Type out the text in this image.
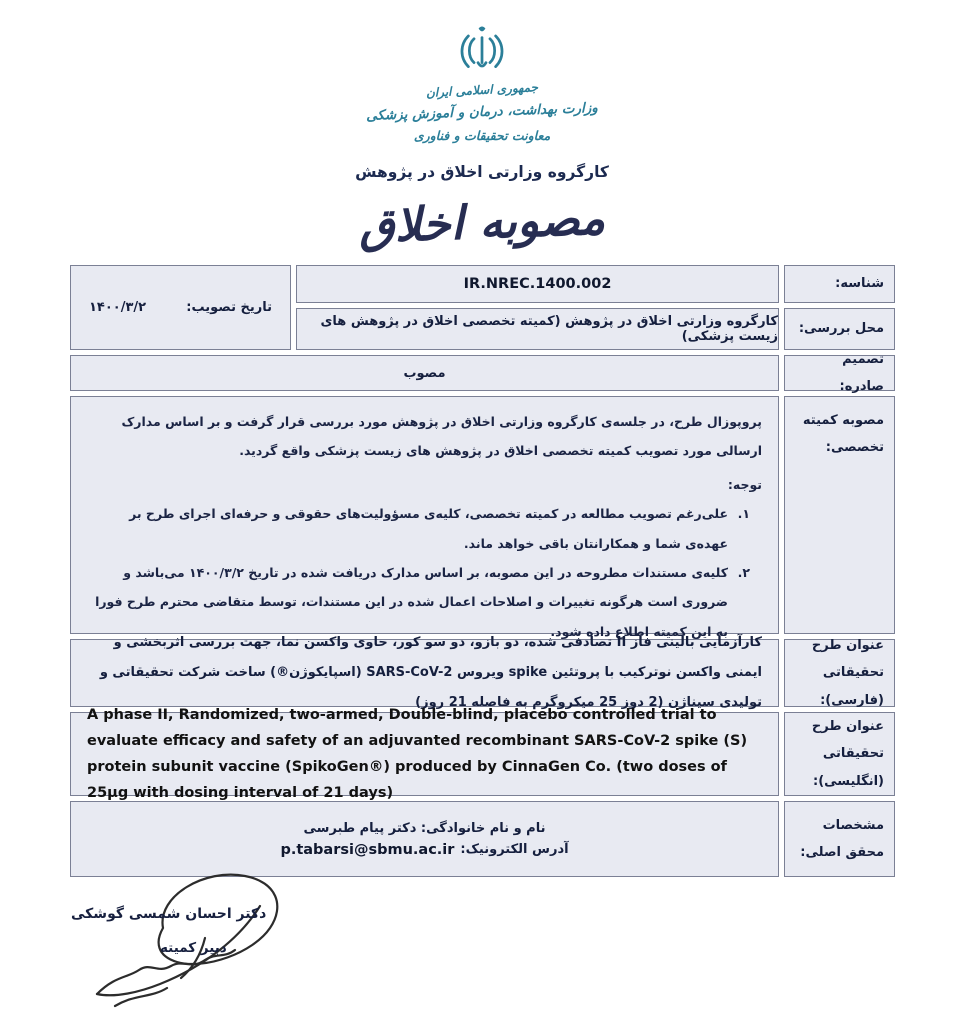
جمهوری اسلامی ایران
وزارت بهداشت، درمان و آموزش پزشکی
معاونت تحقیقات و فناوری
کارگروه وزارتی اخلاق در پژوهش
مصوبه اخلاق
شناسه:
IR.NREC.1400.002
تاریخ تصویب:
۱۴۰۰/۳/۲
محل بررسی:
کارگروه وزارتی اخلاق در پژوهش (کمیته تخصصی اخلاق در پژوهش های زیست پزشکی)
تصمیم صادره:
مصوب
مصوبه کمیته تخصصی:
پروپوزال طرح، در جلسه‌ی کارگروه وزارتی اخلاق در پژوهش مورد بررسی قرار گرفت و بر اساس مدارک ارسالی مورد تصویب کمیته تخصصی اخلاق در پژوهش های زیست پزشکی واقع گردید.
توجه:
۱.
علی‌رغم تصویب مطالعه در کمیته تخصصی، کلیه‌ی مسؤولیت‌های حقوقی و حرفه‌ای اجرای طرح بر عهده‌ی شما و همکارانتان باقی خواهد ماند.
۲.
کلیه‌ی مستندات مطروحه در این مصوبه، بر اساس مدارک دریافت شده در تاریخ ۱۴۰۰/۳/۲ می‌باشد و ضروری است هرگونه تغییرات و اصلاحات اعمال شده در این مستندات، توسط متقاضی محترم طرح فورا به این کمیته اطلاع داده شود.
عنوان طرح تحقیقاتی (فارسی):
کارآزمایی بالینی فاز II تصادفی شده، دو بازو، دو سو کور، حاوی واکسن نما، جهت بررسی اثربخشی و ایمنی واکسن نوترکیب با پروتئین spike ویروس SARS-CoV-2 (اسپایکوژن®) ساخت شرکت تحقیقاتی و تولیدی سیناژن (2 دوز 25 میکروگرم به فاصله 21 روز)
عنوان طرح تحقیقاتی (انگلیسی):
A phase II, Randomized, two-armed, Double-blind, placebo controlled trial to evaluate efficacy and safety of an adjuvanted recombinant SARS-CoV-2 spike (S) protein subunit vaccine (SpikoGen®) produced by CinnaGen Co. (two doses of 25µg with dosing interval of 21 days)
مشخصات محقق اصلی:
نام و نام خانوادگی: دکتر پیام طبرسی
آدرس الکترونیک:
p.tabarsi@sbmu.ac.ir
دکتر احسان شمسی گوشکی
دبیر کمیته
